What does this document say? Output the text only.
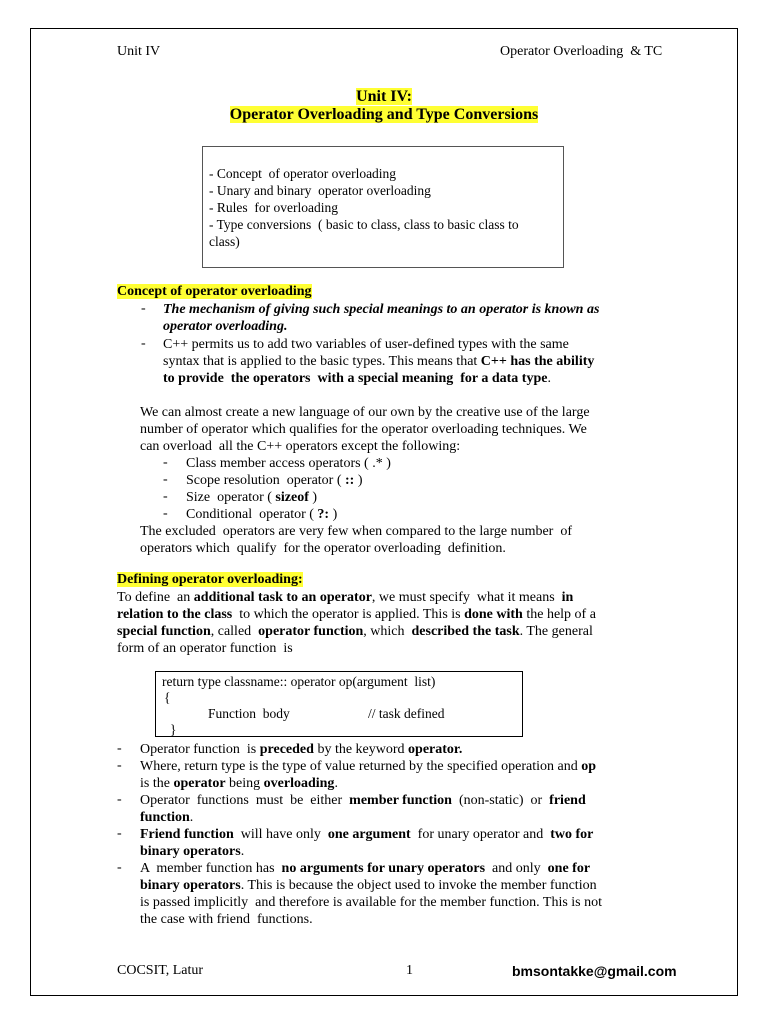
Unit IV	Operator Overloading  & TC
Unit IV:
Operator Overloading and Type Conversions
- Concept  of operator overloading
- Unary and binary  operator overloading
- Rules  for overloading
- Type conversions  ( basic to class, class to basic class to
class)
Concept of operator overloading
- The mechanism of giving such special meanings to an operator is known as
operator overloading.
- C++ permits us to add two variables of user-defined types with the same
syntax that is applied to the basic types. This means that C++ has the ability
to provide  the operators  with a special meaning  for a data type.
We can almost create a new language of our own by the creative use of the large
number of operator which qualifies for the operator overloading techniques. We
can overload  all the C++ operators except the following:
- Class member access operators ( .* )
- Scope resolution  operator ( :: )
- Size  operator ( sizeof )
- Conditional  operator ( ?: )
The excluded  operators are very few when compared to the large number  of
operators which  qualify  for the operator overloading  definition.
Defining operator overloading:
To define  an additional task to an operator, we must specify  what it means  in
relation to the class  to which the operator is applied. This is done with the help of a
special function, called  operator function, which  described the task. The general
form of an operator function  is
return type classname:: operator op(argument  list)
{
Function  body	// task defined
}
- Operator function  is preceded by the keyword operator.
- Where, return type is the type of value returned by the specified operation and op
is the operator being overloading.
- Operator  functions  must  be  either  member function  (non-static)  or  friend
function.
- Friend function  will have only  one argument  for unary operator and  two for
binary operators.
- A  member function has  no arguments for unary operators  and only  one for
binary operators. This is because the object used to invoke the member function
is passed implicitly  and therefore is available for the member function. This is not
the case with friend  functions.
COCSIT, Latur	1	bmsontakke@gmail.com
